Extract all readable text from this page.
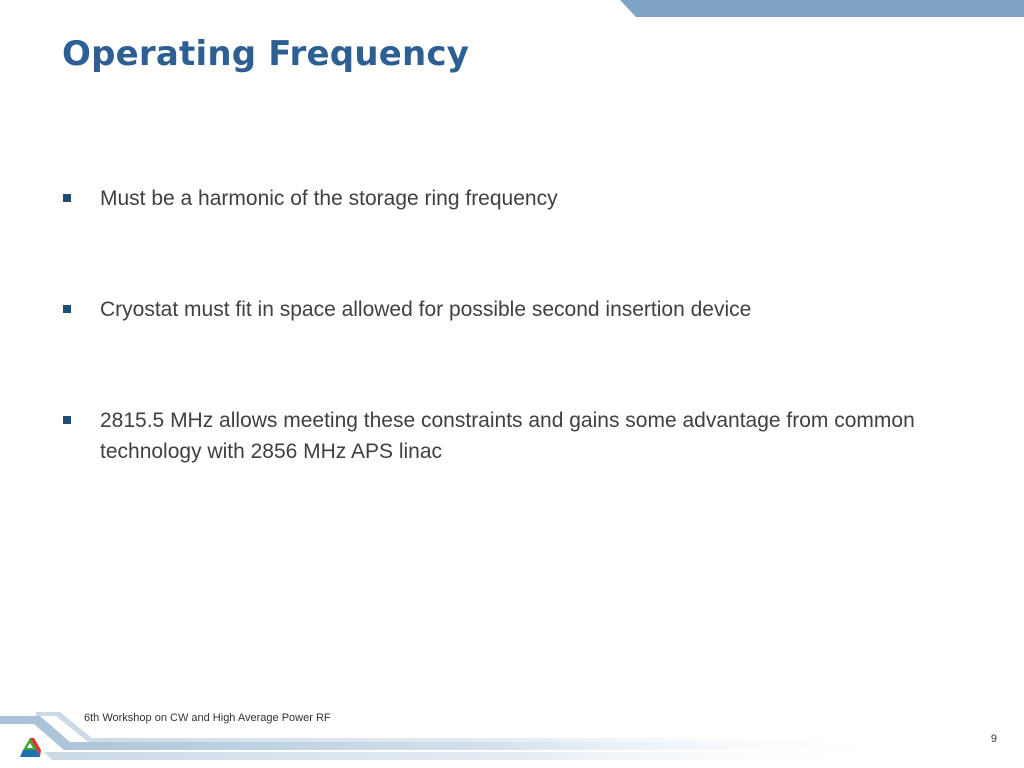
Operating Frequency
Must be a harmonic of the storage ring frequency
Cryostat must fit in space allowed for possible second insertion device
2815.5 MHz allows meeting these constraints and gains some advantage from common technology with 2856 MHz APS linac
6th Workshop on CW and High Average Power RF
9
